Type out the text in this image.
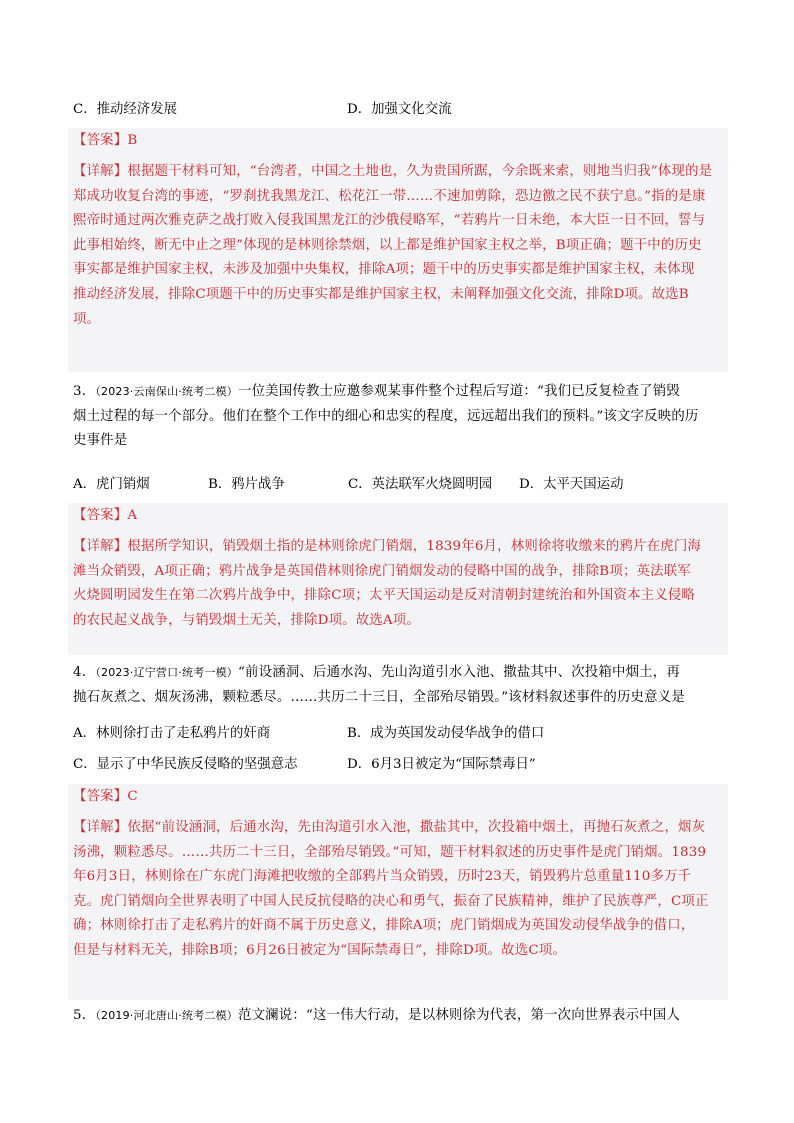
C．推动经济发展	D．加强文化交流
【答案】B
【详解】根据题干材料可知，“台湾者，中国之土地也，久为贵国所踞，今余既来索，则地当归我”体现的是
郑成功收复台湾的事迹，“罗刹扰我黑龙江、松花江一带……不速加剪除，恐边徼之民不获宁息。”指的是康
熙帝时通过两次雅克萨之战打败入侵我国黑龙江的沙俄侵略军，“若鸦片一日未绝，本大臣一日不回，誓与
此事相始终，断无中止之理”体现的是林则徐禁烟，以上都是维护国家主权之举，B项正确；题干中的历史
事实都是维护国家主权，未涉及加强中央集权，排除A项；题干中的历史事实都是维护国家主权，未体现
推动经济发展，排除C项题干中的历史事实都是维护国家主权，未阐释加强文化交流，排除D项。故选B
项。
3．（2023·云南保山·统考二模）一位美国传教士应邀参观某事件整个过程后写道：“我们已反复检查了销毁
烟土过程的每一个部分。他们在整个工作中的细心和忠实的程度，远远超出我们的预料。”该文字反映的历
史事件是
A．虎门销烟	B．鸦片战争	C．英法联军火烧圆明园 D．太平天国运动
【答案】A
【详解】根据所学知识，销毁烟土指的是林则徐虎门销烟，1839年6月，林则徐将收缴来的鸦片在虎门海
滩当众销毁，A项正确；鸦片战争是英国借林则徐虎门销烟发动的侵略中国的战争，排除B项；英法联军
火烧圆明园发生在第二次鸦片战争中，排除C项；太平天国运动是反对清朝封建统治和外国资本主义侵略
的农民起义战争，与销毁烟土无关，排除D项。故选A项。
4．（2023·辽宁营口·统考一模）“前设涵洞、后通水沟、先山沟道引水入池、撒盐其中、次投箱中烟土，再
抛石灰煮之、烟灰汤沸，颗粒悉尽。……共历二十三日，全部殆尽销毁。”该材料叙述事件的历史意义是
A．林则徐打击了走私鸦片的奸商	B．成为英国发动侵华战争的借口
C．显示了中华民族反侵略的坚强意志	D．6月3日被定为“国际禁毒日”
【答案】C
【详解】依据“前设涵洞，后通水沟，先由沟道引水入池，撒盐其中，次投箱中烟土，再抛石灰煮之，烟灰
汤沸，颗粒悉尽。……共历二十三日，全部殆尽销毁。”可知，题干材料叙述的历史事件是虎门销烟。1839
年6月3日，林则徐在广东虎门海滩把收缴的全部鸦片当众销毁，历时23天，销毁鸦片总重量110多万千
克。虎门销烟向全世界表明了中国人民反抗侵略的决心和勇气，振奋了民族精神，维护了民族尊严，C项正
确；林则徐打击了走私鸦片的奸商不属于历史意义，排除A项；虎门销烟成为英国发动侵华战争的借口，
但是与材料无关，排除B项；6月26日被定为“国际禁毒日”，排除D项。故选C项。
5．（2019·河北唐山·统考二模）范文澜说：“这一伟大行动，是以林则徐为代表，第一次向世界表示中国人
